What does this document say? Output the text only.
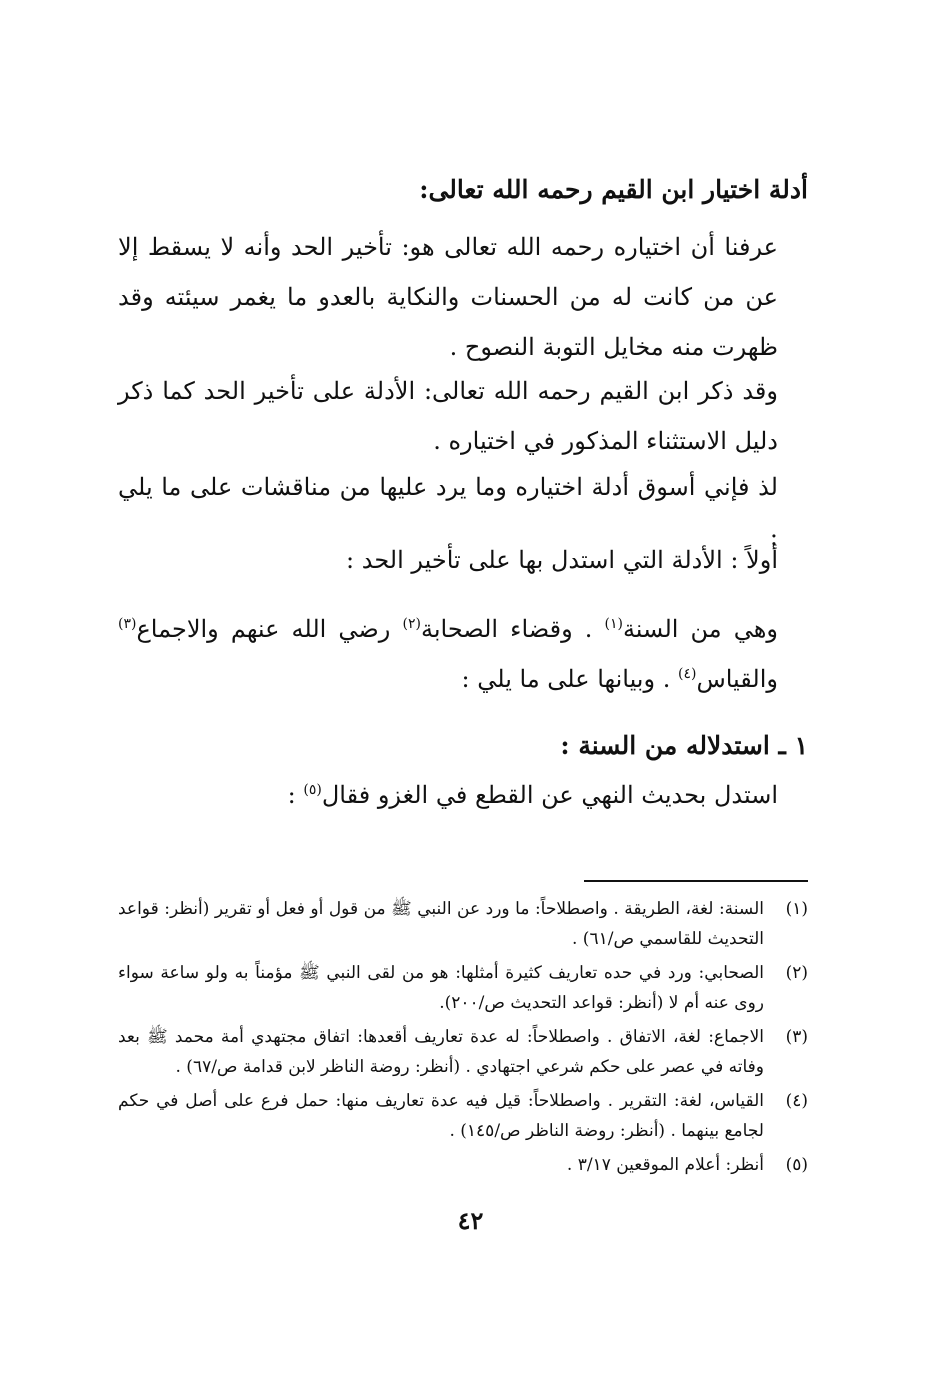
أدلة اختيار ابن القيم رحمه الله تعالى:

عرفنا أن اختياره رحمه الله تعالى هو: تأخير الحد وأنه لا يسقط إلا عن من كانت له من الحسنات والنكاية بالعدو ما يغمر سيئته وقد ظهرت منه مخايل التوبة النصوح .

وقد ذكر ابن القيم رحمه الله تعالى: الأدلة على تأخير الحد كما ذكر دليل الاستثناء المذكور في اختياره .

لذ فإني أسوق أدلة اختياره وما يرد عليها من مناقشات على ما يلي :

أولاً : الأدلة التي استدل بها على تأخير الحد :

وهي من السنة$^{(١)}$ . وقضاء الصحابة$^{(٢)}$ رضي الله عنهم والاجماع$^{(٣)}$ والقياس$^{(٤)}$ . وبيانها على ما يلي :

١ ـ استدلاله من السنة :

استدل بحديث النهي عن القطع في الغزو فقال$^{(٥)}$ :

(١)
السنة: لغة، الطريقة . واصطلاحاً: ما ورد عن النبي ﷺ من قول أو فعل أو تقرير (أنظر: قواعد التحديث للقاسمي ص/٦١) .
(٢)
الصحابي: ورد في حده تعاريف كثيرة أمثلها: هو من لقى النبي ﷺ مؤمناً به ولو ساعة سواء روى عنه أم لا (أنظر: قواعد التحديث ص/٢٠٠).
(٣)
الاجماع: لغة، الاتفاق . واصطلاحاً: له عدة تعاريف أقعدها: اتفاق مجتهدي أمة محمد ﷺ بعد وفاته في عصر على حكم شرعي اجتهادي . (أنظر: روضة الناظر لابن قدامة ص/٦٧) .
(٤)
القياس، لغة: التقرير . واصطلاحاً: قيل فيه عدة تعاريف منها: حمل فرع على أصل في حكم لجامع بينهما . (أنظر: روضة الناظر ص/١٤٥) .
(٥)
أنظر: أعلام الموقعين ٣/١٧ .
٤٢
